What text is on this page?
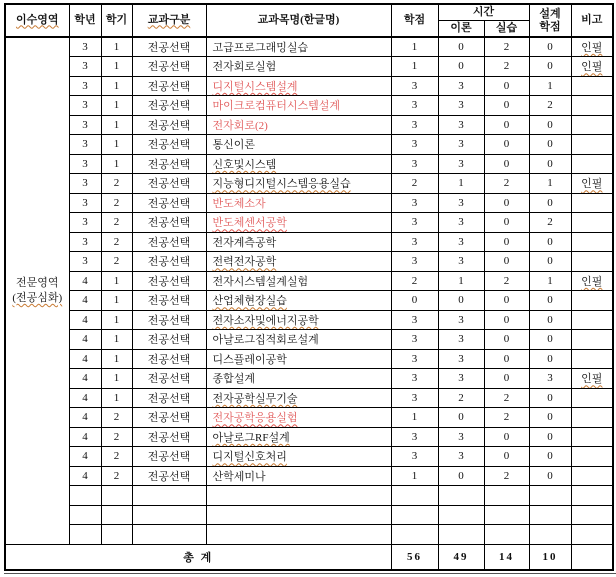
이수영역	학년	학기	교과구분	교과목명(한글명)	학점	시간		설계
학점	비고
						이론	실습		

전문영역
(전공심화)	3	1	전공선택	고급프로그래밍실습	1	0	2	0	인필
	3	1	전공선택	전자회로실험	1	0	2	0	인필
	3	1	전공선택	디지털시스템설계	3	3	0	1	
	3	1	전공선택	마이크로컴퓨터시스템설계	3	3	0	2	
	3	1	전공선택	전자회로(2)	3	3	0	0	
	3	1	전공선택	통신이론	3	3	0	0	
	3	1	전공선택	신호및시스템	3	3	0	0	
	3	2	전공선택	지능형디지털시스템응용실습	2	1	2	1	인필
	3	2	전공선택	반도체소자	3	3	0	0	
	3	2	전공선택	반도체센서공학	3	3	0	2	
	3	2	전공선택	전자계측공학	3	3	0	0	
	3	2	전공선택	전력전자공학	3	3	0	0	
	4	1	전공선택	전자시스템설계실험	2	1	2	1	인필
	4	1	전공선택	산업체현장실습	0	0	0	0	
	4	1	전공선택	전자소자및에너지공학	3	3	0	0	
	4	1	전공선택	아날로그집적회로설계	3	3	0	0	
	4	1	전공선택	디스플레이공학	3	3	0	0	
	4	1	전공선택	종합설계	3	3	0	3	인필
	4	1	전공선택	전자공학실무기술	3	2	2	0	
	4	2	전공선택	전자공학응용실험	1	0	2	0	
	4	2	전공선택	아날로그RF설계	3	3	0	0	
	4	2	전공선택	디지털신호처리	3	3	0	0	
	4	2	전공선택	산학세미나	1	0	2	0	

총 계					56	49	14	10	
